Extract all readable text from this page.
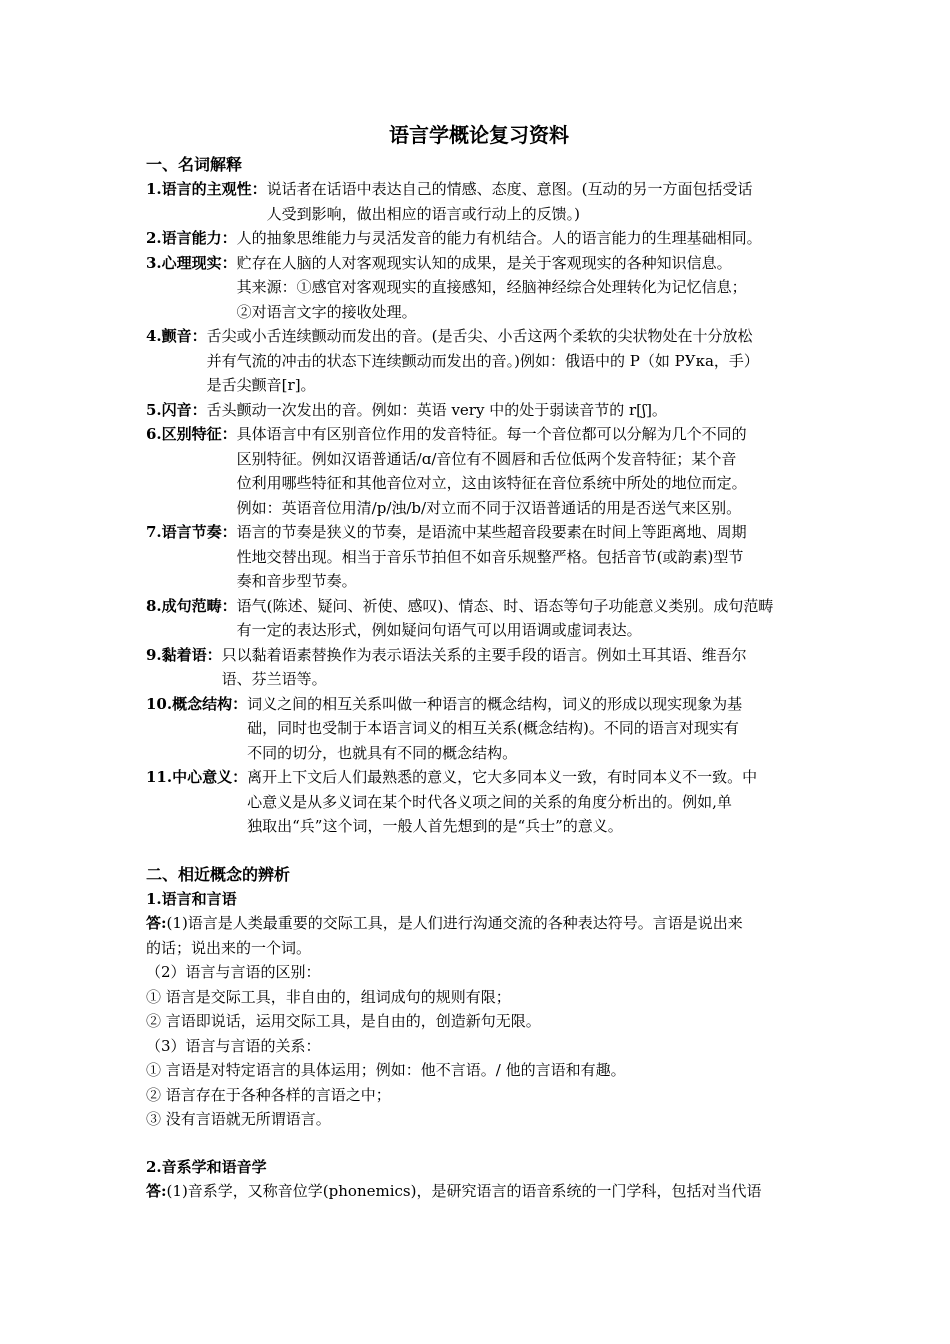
语言学概论复习资料
一、名词解释
1.语言的主观性： 说话者在话语中表达自己的情感、态度、意图。(互动的另一方面包括受话
人受到影响，做出相应的语言或行动上的反馈。)
2.语言能力： 人的抽象思维能力与灵活发音的能力有机结合。人的语言能力的生理基础相同。
3.心理现实： 贮存在人脑的人对客观现实认知的成果，是关于客观现实的各种知识信息。
其来源：①感官对客观现实的直接感知，经脑神经综合处理转化为记忆信息；
②对语言文字的接收处理。
4.颤音： 舌尖或小舌连续颤动而发出的音。(是舌尖、小舌这两个柔软的尖状物处在十分放松
并有气流的冲击的状态下连续颤动而发出的音。)例如：俄语中的 Р（如 РУка，手）
是舌尖颤音[r]。
5.闪音： 舌头颤动一次发出的音。例如：英语 very 中的处于弱读音节的 r[ʃ]。
6.区别特征： 具体语言中有区别音位作用的发音特征。每一个音位都可以分解为几个不同的
区别特征。例如汉语普通话/ɑ/音位有不圆唇和舌位低两个发音特征；某个音
位利用哪些特征和其他音位对立，这由该特征在音位系统中所处的地位而定。
例如：英语音位用清/p/浊/b/对立而不同于汉语普通话的用是否送气来区别。
7.语言节奏： 语言的节奏是狭义的节奏，是语流中某些超音段要素在时间上等距离地、周期
性地交替出现。相当于音乐节拍但不如音乐规整严格。包括音节(或韵素)型节
奏和音步型节奏。
8.成句范畴： 语气(陈述、疑问、祈使、感叹)、情态、时、语态等句子功能意义类别。成句范畴
有一定的表达形式，例如疑问句语气可以用语调或虚词表达。
9.黏着语： 只以黏着语素替换作为表示语法关系的主要手段的语言。例如土耳其语、维吾尔
语、芬兰语等。
10.概念结构： 词义之间的相互关系叫做一种语言的概念结构，词义的形成以现实现象为基
础，同时也受制于本语言词义的相互关系(概念结构)。不同的语言对现实有
不同的切分，也就具有不同的概念结构。
11.中心意义： 离开上下文后人们最熟悉的意义，它大多同本义一致，有时同本义不一致。中
心意义是从多义词在某个时代各义项之间的关系的角度分析出的。例如,单
独取出“兵”这个词，一般人首先想到的是“兵士”的意义。
二、相近概念的辨析
1.语言和言语
答:(1)语言是人类最重要的交际工具，是人们进行沟通交流的各种表达符号。言语是说出来
的话；说出来的一个词。
（2）语言与言语的区别：
① 语言是交际工具，非自由的，组词成句的规则有限；
② 言语即说话，运用交际工具，是自由的，创造新句无限。
（3）语言与言语的关系：
① 言语是对特定语言的具体运用；例如：他不言语。/ 他的言语和有趣。
② 语言存在于各种各样的言语之中；
③ 没有言语就无所谓语言。
2.音系学和语音学
答:(1)音系学，又称音位学(phonemics)，是研究语言的语音系统的一门学科，包括对当代语
